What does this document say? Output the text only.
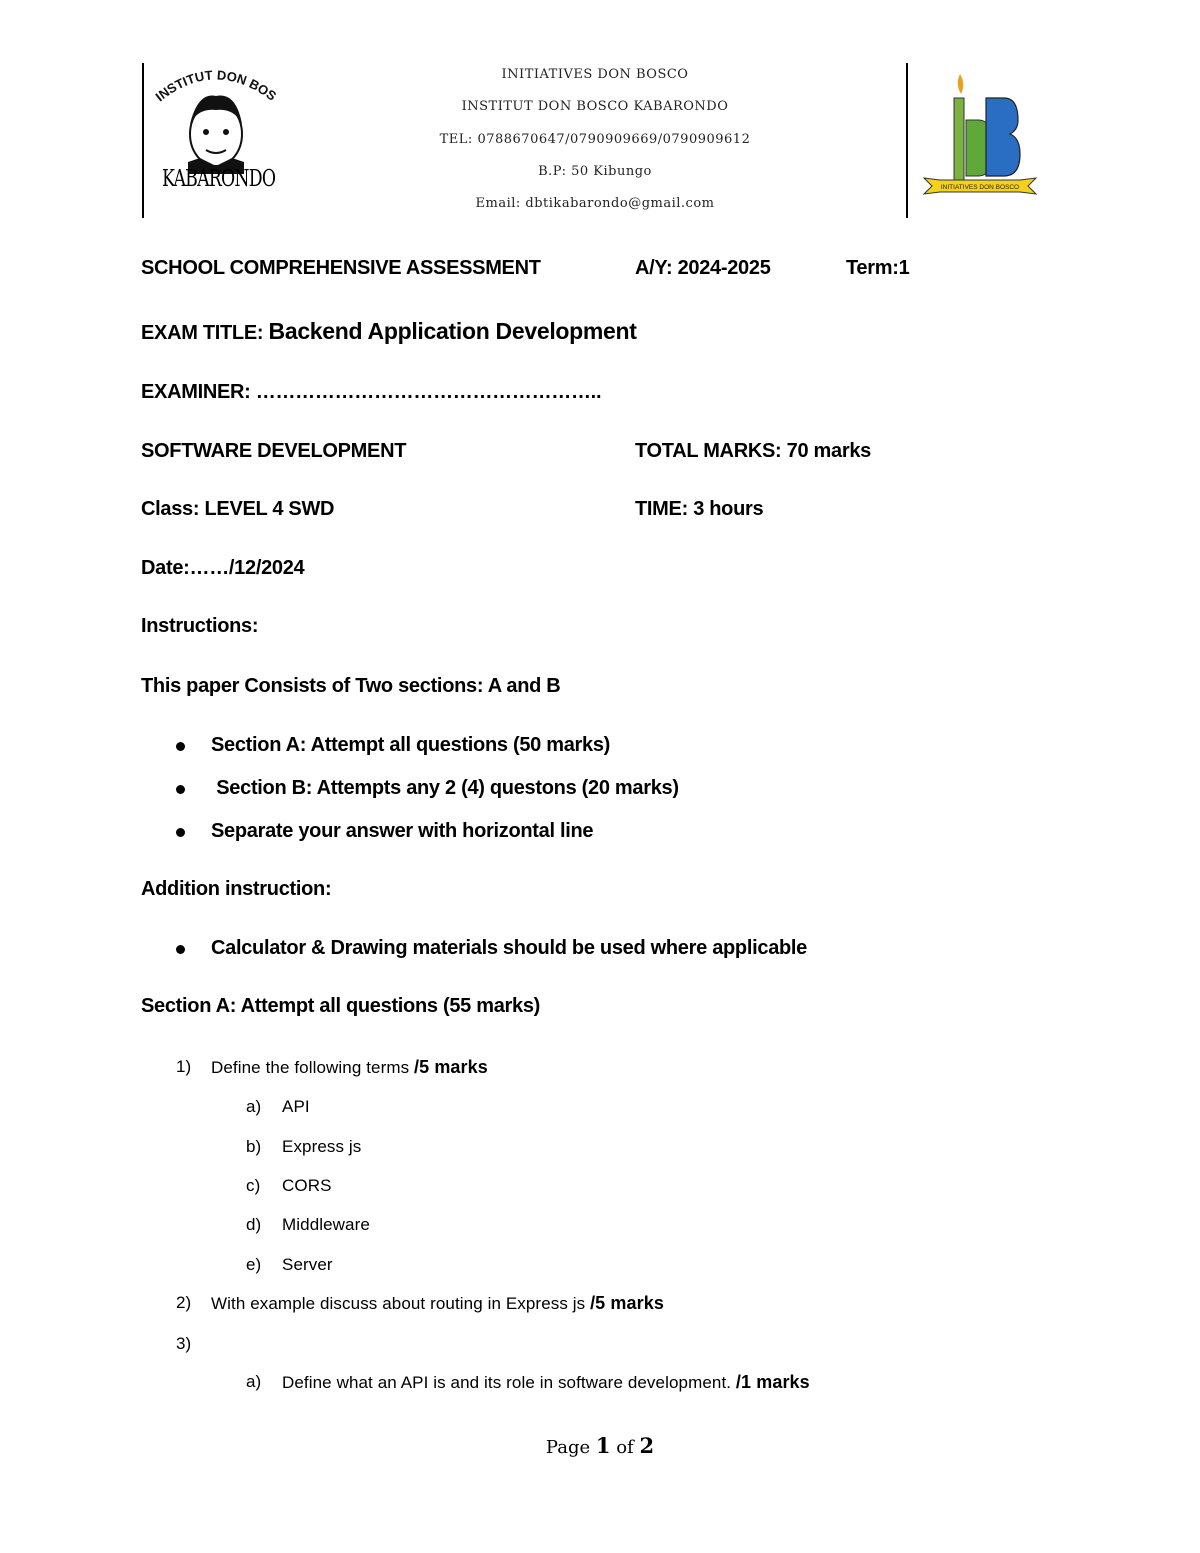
INSTITUT DON BOS
KABARONDO
INITIATIVES DON BOSCO
INSTITUT DON BOSCO KABARONDO
TEL: 0788670647/0790909669/0790909612
B.P: 50 Kibungo
Email: dbtikabarondo@gmail.com
INITIATIVES DON BOSCO
SCHOOL COMPREHENSIVE ASSESSMENT	A/Y: 2024-2025	Term:1
EXAM TITLE: Backend Application Development
EXAMINER: ……………………………………………..
SOFTWARE DEVELOPMENT	TOTAL MARKS: 70 marks
Class: LEVEL 4 SWD	TIME: 3 hours
Date:……/12/2024
Instructions:
This paper Consists of Two sections: A and B
Section A: Attempt all questions (50 marks)
Section B: Attempts any 2 (4) questons (20 marks)
Separate your answer with horizontal line
Addition instruction:
Calculator & Drawing materials should be used where applicable
Section A: Attempt all questions (55 marks)
1) Define the following terms /5 marks
a) API
b) Express js
c) CORS
d) Middleware
e) Server
2) With example discuss about routing in Express js /5 marks
3)
a) Define what an API is and its role in software development. /1 marks
Page 1 of 2
